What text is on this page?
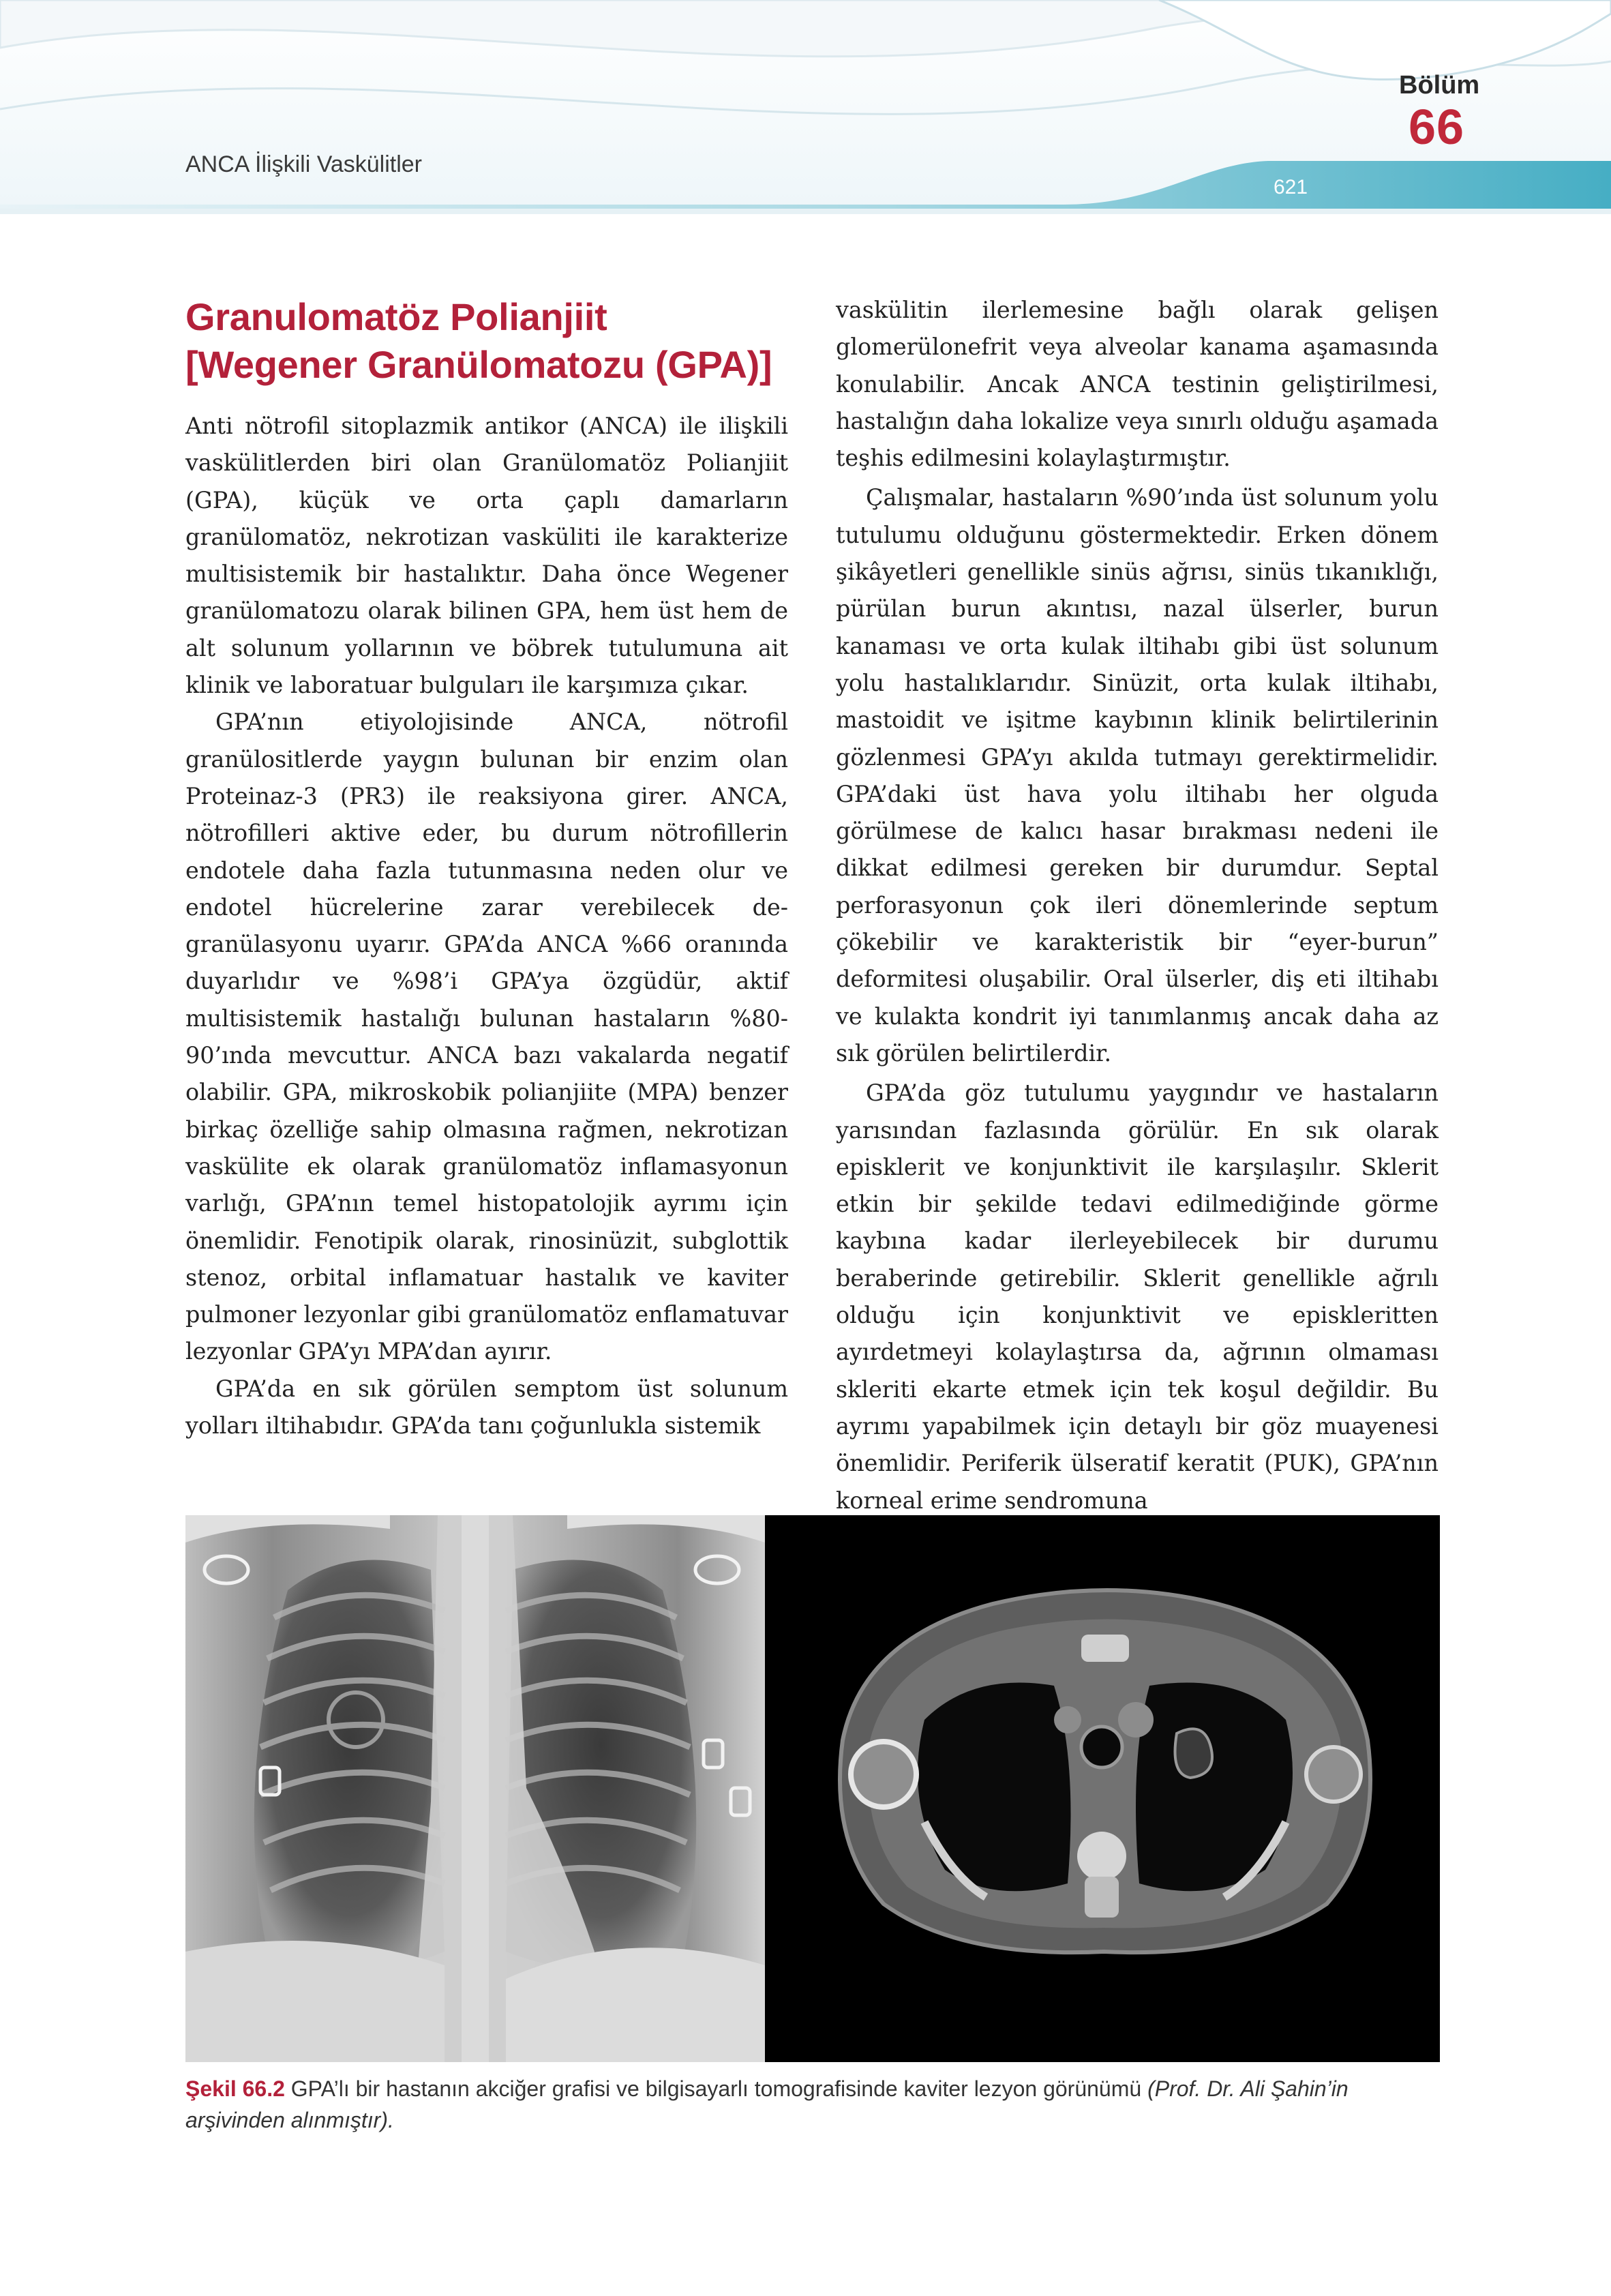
ANCA İlişkili Vaskülitler
Bölüm
66
621
Granulomatöz Polianjiit
[Wegener Granülomatozu (GPA)]

Anti nötrofil sitoplazmik antikor (ANCA) ile ilişkili vaskülitlerden biri olan Granülomatöz Polianjiit (GPA), küçük ve orta çaplı damarların granülomatöz, nekrotizan vasküliti ile karakterize multisistemik bir hastalıktır. Daha önce Wegener granülomatozu olarak bilinen GPA, hem üst hem de alt solunum yollarının ve böbrek tutulumuna ait klinik ve laboratuar bulguları ile karşımıza çıkar.

GPA’nın etiyolojisinde ANCA, nötrofil granülositlerde yaygın bulunan bir enzim olan Proteinaz-3 (PR3) ile reaksiyona girer. ANCA, nötrofilleri aktive eder, bu durum nötrofillerin endotele daha fazla tutunmasına neden olur ve endotel hücrelerine zarar verebilecek de-granülasyonu uyarır. GPA’da ANCA %66 oranında duyarlıdır ve %98’i GPA’ya özgüdür, aktif multisistemik hastalığı bulunan hastaların %80-90’ında mevcuttur. ANCA bazı vakalarda negatif olabilir. GPA, mikroskobik polianjiite (MPA) benzer birkaç özelliğe sahip olmasına rağmen, nekrotizan vaskülite ek olarak granülomatöz inflamasyonun varlığı, GPA’nın temel histopatolojik ayrımı için önemlidir. Fenotipik olarak, rinosinüzit, subglottik stenoz, orbital inflamatuar hastalık ve kaviter pulmoner lezyonlar gibi granülomatöz enflamatuvar lezyonlar GPA’yı MPA’dan ayırır.

GPA’da en sık görülen semptom üst solunum yolları iltihabıdır. GPA’da tanı çoğunlukla sistemik

vaskülitin ilerlemesine bağlı olarak gelişen glomerülonefrit veya alveolar kanama aşamasında konulabilir. Ancak ANCA testinin geliştirilmesi, hastalığın daha lokalize veya sınırlı olduğu aşamada teşhis edilmesini kolaylaştırmıştır.

Çalışmalar, hastaların %90’ında üst solunum yolu tutulumu olduğunu göstermektedir. Erken dönem şikâyetleri genellikle sinüs ağrısı, sinüs tıkanıklığı, pürülan burun akıntısı, nazal ülserler, burun kanaması ve orta kulak iltihabı gibi üst solunum yolu hastalıklarıdır. Sinüzit, orta kulak iltihabı, mastoidit ve işitme kaybının klinik belirtilerinin gözlenmesi GPA’yı akılda tutmayı gerektirmelidir. GPA’daki üst hava yolu iltihabı her olguda görülmese de kalıcı hasar bırakması nedeni ile dikkat edilmesi gereken bir durumdur. Septal perforasyonun çok ileri dönemlerinde septum çökebilir ve karakteristik bir “eyer-burun” deformitesi oluşabilir. Oral ülserler, diş eti iltihabı ve kulakta kondrit iyi tanımlanmış ancak daha az sık görülen belirtilerdir.

GPA’da göz tutulumu yaygındır ve hastaların yarısından fazlasında görülür. En sık olarak episklerit ve konjunktivit ile karşılaşılır. Sklerit etkin bir şekilde tedavi edilmediğinde görme kaybına kadar ilerleyebilecek bir durumu beraberinde getirebilir. Sklerit genellikle ağrılı olduğu için konjunktivit ve episkleritten ayırdetmeyi kolaylaştırsa da, ağrının olmaması skleriti ekarte etmek için tek koşul değildir. Bu ayrımı yapabilmek için detaylı bir göz muayenesi önemlidir. Periferik ülseratif keratit (PUK), GPA’nın korneal erime sendromuna

Şekil 66.2 GPA’lı bir hastanın akciğer grafisi ve bilgisayarlı tomografisinde kaviter lezyon görünümü (Prof. Dr. Ali Şahin’in arşivinden alınmıştır).
